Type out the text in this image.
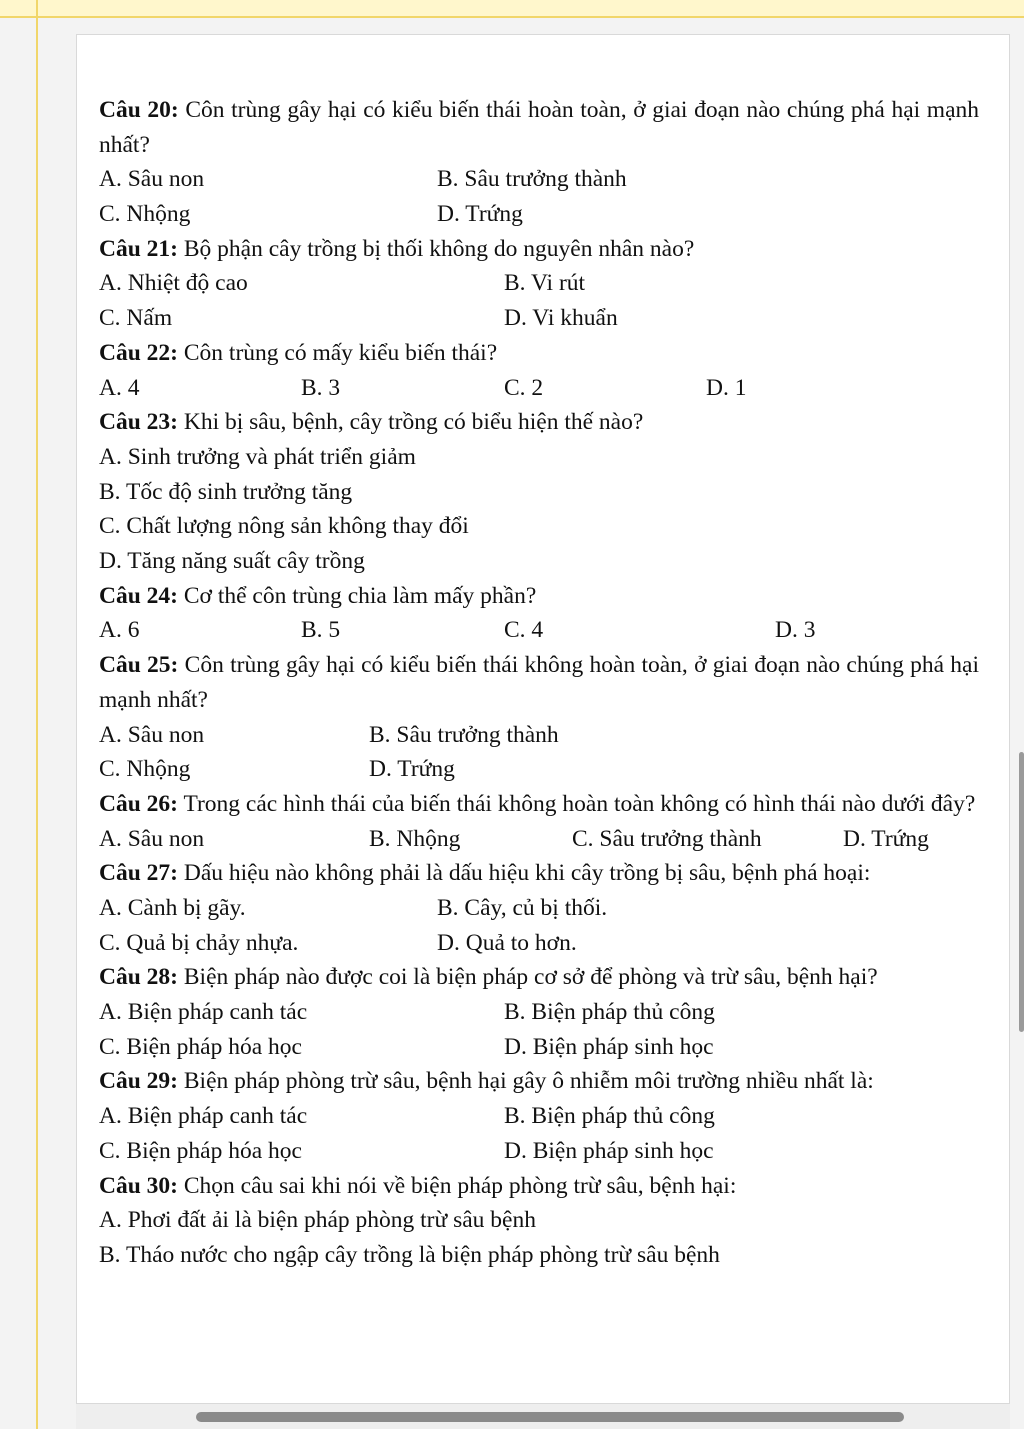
Câu 20: Côn trùng gây hại có kiểu biến thái hoàn toàn, ở giai đoạn nào chúng phá hại mạnh nhất?
A. Sâu non	B. Sâu trưởng thành
C. Nhộng	D. Trứng
Câu 21: Bộ phận cây trồng bị thối không do nguyên nhân nào?
A. Nhiệt độ cao	B. Vi rút
C. Nấm	D. Vi khuẩn
Câu 22: Côn trùng có mấy kiểu biến thái?
A. 4	B. 3	C. 2	D. 1
Câu 23: Khi bị sâu, bệnh, cây trồng có biểu hiện thế nào?
A. Sinh trưởng và phát triển giảm
B. Tốc độ sinh trưởng tăng
C. Chất lượng nông sản không thay đổi
D. Tăng năng suất cây trồng
Câu 24: Cơ thể côn trùng chia làm mấy phần?
A. 6	B. 5	C. 4	D. 3
Câu 25: Côn trùng gây hại có kiểu biến thái không hoàn toàn, ở giai đoạn nào chúng phá hại mạnh nhất?
A. Sâu non	B. Sâu trưởng thành
C. Nhộng	D. Trứng
Câu 26: Trong các hình thái của biến thái không hoàn toàn không có hình thái nào dưới đây?
A. Sâu non	B. Nhộng	C. Sâu trưởng thành	D. Trứng
Câu 27: Dấu hiệu nào không phải là dấu hiệu khi cây trồng bị sâu, bệnh phá hoại:
A. Cành bị gãy.	B. Cây, củ bị thối.
C. Quả bị chảy nhựa.	D. Quả to hơn.
Câu 28: Biện pháp nào được coi là biện pháp cơ sở để phòng và trừ sâu, bệnh hại?
A. Biện pháp canh tác	B. Biện pháp thủ công
C. Biện pháp hóa học	D. Biện pháp sinh học
Câu 29: Biện pháp phòng trừ sâu, bệnh hại gây ô nhiễm môi trường nhiều nhất là:
A. Biện pháp canh tác	B. Biện pháp thủ công
C. Biện pháp hóa học	D. Biện pháp sinh học
Câu 30: Chọn câu sai khi nói về biện pháp phòng trừ sâu, bệnh hại:
A. Phơi đất ải là biện pháp phòng trừ sâu bệnh
B. Tháo nước cho ngập cây trồng là biện pháp phòng trừ sâu bệnh
